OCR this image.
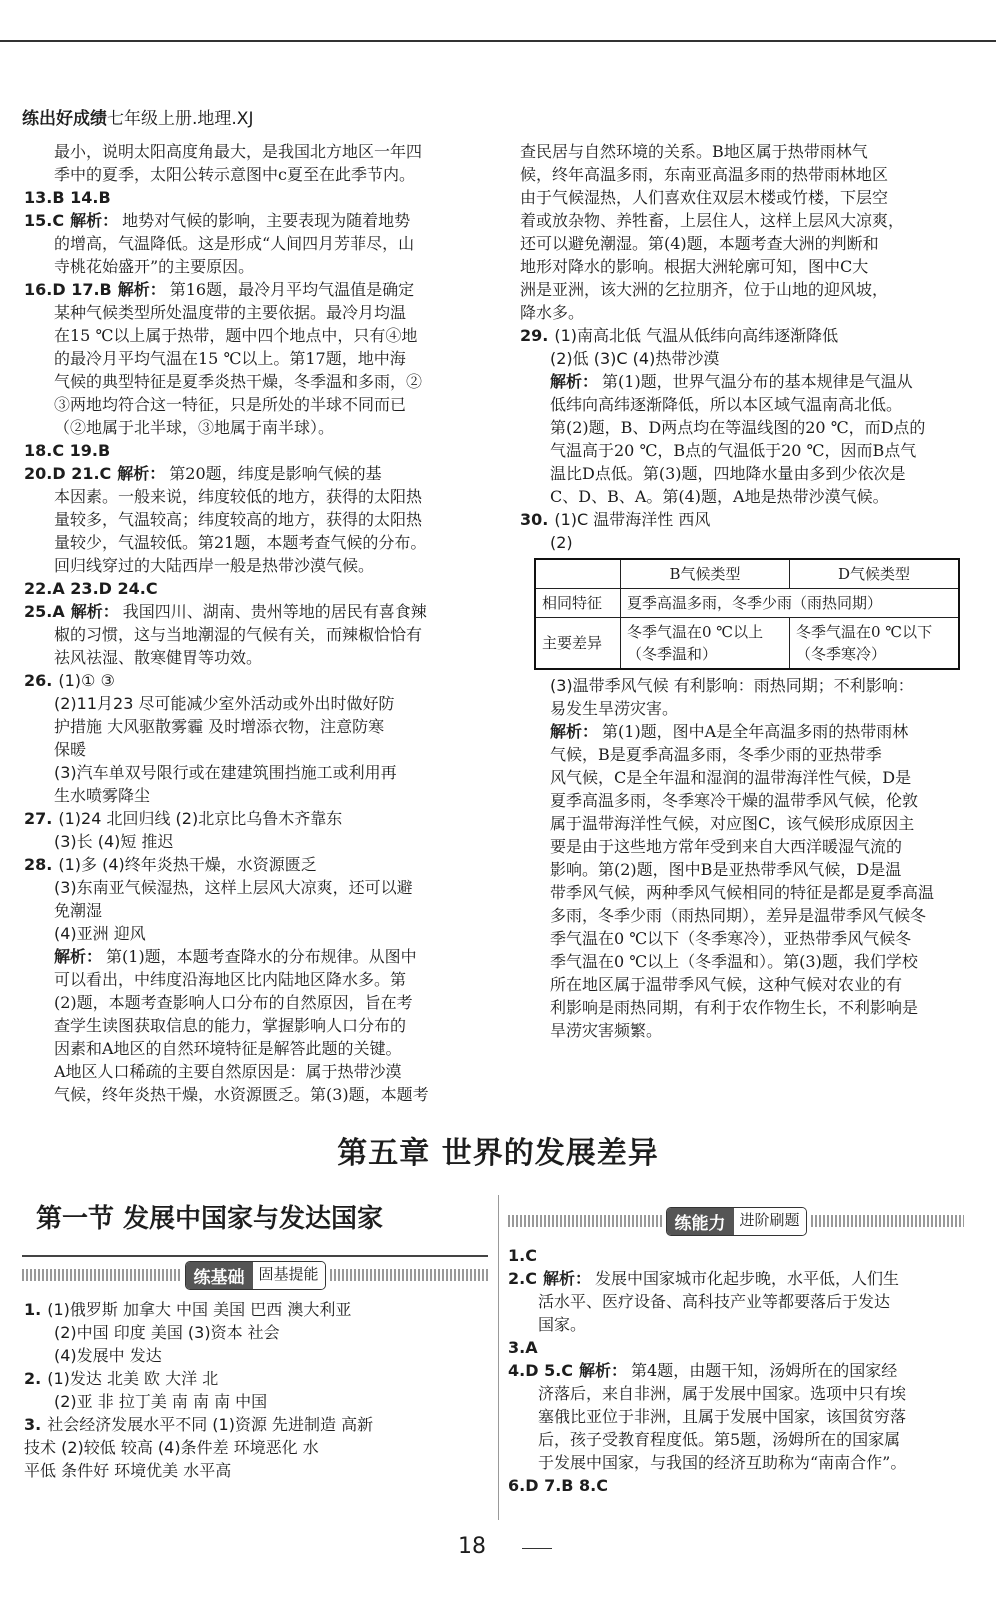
练出好成绩七年级上册.地理.XJ
最小，说明太阳高度角最大，是我国北方地区一年四
季中的夏季，太阳公转示意图中c夏至在此季节内。
13.B 14.B
15.C 解析： 地势对气候的影响，主要表现为随着地势
的增高，气温降低。这是形成“人间四月芳菲尽，山
寺桃花始盛开”的主要原因。
16.D 17.B 解析： 第16题，最冷月平均气温值是确定
某种气候类型所处温度带的主要依据。最冷月均温
在15 ℃以上属于热带，题中四个地点中，只有④地
的最冷月平均气温在15 ℃以上。第17题，地中海
气候的典型特征是夏季炎热干燥，冬季温和多雨，②
③两地均符合这一特征，只是所处的半球不同而已
（②地属于北半球，③地属于南半球）。
18.C 19.B
20.D 21.C 解析： 第20题，纬度是影响气候的基
本因素。一般来说，纬度较低的地方，获得的太阳热
量较多，气温较高；纬度较高的地方，获得的太阳热
量较少，气温较低。第21题，本题考查气候的分布。
回归线穿过的大陆西岸一般是热带沙漠气候。
22.A 23.D 24.C
25.A 解析： 我国四川、湖南、贵州等地的居民有喜食辣
椒的习惯，这与当地潮湿的气候有关，而辣椒恰恰有
祛风祛湿、散寒健胃等功效。
26. (1)① ③
(2)11月23 尽可能减少室外活动或外出时做好防
护措施 大风驱散雾霾 及时增添衣物，注意防寒
保暖
(3)汽车单双号限行或在建建筑围挡施工或利用再
生水喷雾降尘
27. (1)24 北回归线 (2)北京比乌鲁木齐靠东
(3)长 (4)短 推迟
28. (1)多 (4)终年炎热干燥，水资源匮乏
(3)东南亚气候湿热，这样上层风大凉爽，还可以避
免潮湿
(4)亚洲 迎风
解析： 第(1)题，本题考查降水的分布规律。从图中
可以看出，中纬度沿海地区比内陆地区降水多。第
(2)题，本题考查影响人口分布的自然原因，旨在考
查学生读图获取信息的能力，掌握影响人口分布的
因素和A地区的自然环境特征是解答此题的关键。
A地区人口稀疏的主要自然原因是：属于热带沙漠
气候，终年炎热干燥，水资源匮乏。第(3)题，本题考
查民居与自然环境的关系。B地区属于热带雨林气
候，终年高温多雨，东南亚高温多雨的热带雨林地区
由于气候湿热，人们喜欢住双层木楼或竹楼，下层空
着或放杂物、养牲畜，上层住人，这样上层风大凉爽，
还可以避免潮湿。第(4)题，本题考查大洲的判断和
地形对降水的影响。根据大洲轮廓可知，图中C大
洲是亚洲，该大洲的乞拉朋齐，位于山地的迎风坡，
降水多。
29. (1)南高北低 气温从低纬向高纬逐渐降低
(2)低 (3)C (4)热带沙漠
解析： 第(1)题，世界气温分布的基本规律是气温从
低纬向高纬逐渐降低，所以本区域气温南高北低。
第(2)题，B、D两点均在等温线图的20 ℃，而D点的
气温高于20 ℃，B点的气温低于20 ℃，因而B点气
温比D点低。第(3)题，四地降水量由多到少依次是
C、D、B、A。第(4)题，A地是热带沙漠气候。
30. (1)C 温带海洋性 西风
(2)
	B气候类型	D气候类型
相同特征	夏季高温多雨，冬季少雨（雨热同期）	
主要差异	冬季气温在0 ℃以上（冬季温和）	冬季气温在0 ℃以下（冬季寒冷）
(3)温带季风气候 有利影响：雨热同期；不利影响：
易发生旱涝灾害。
解析： 第(1)题，图中A是全年高温多雨的热带雨林
气候，B是夏季高温多雨，冬季少雨的亚热带季
风气候，C是全年温和湿润的温带海洋性气候，D是
夏季高温多雨，冬季寒冷干燥的温带季风气候，伦敦
属于温带海洋性气候，对应图C，该气候形成原因主
要是由于这些地方常年受到来自大西洋暖湿气流的
影响。第(2)题，图中B是亚热带季风气候，D是温
带季风气候，两种季风气候相同的特征是都是夏季高温
多雨，冬季少雨（雨热同期），差异是温带季风气候冬
季气温在0 ℃以下（冬季寒冷），亚热带季风气候冬
季气温在0 ℃以上（冬季温和）。第(3)题，我们学校
所在地区属于温带季风气候，这种气候对农业的有
利影响是雨热同期，有利于农作物生长，不利影响是
旱涝灾害频繁。
第五章 世界的发展差异
第一节 发展中国家与发达国家
练基础 固基提能
练能力 进阶刷题
1. (1)俄罗斯 加拿大 中国 美国 巴西 澳大利亚
(2)中国 印度 美国 (3)资本 社会
(4)发展中 发达
2. (1)发达 北美 欧 大洋 北
(2)亚 非 拉丁美 南 南 南 中国
3. 社会经济发展水平不同 (1)资源 先进制造 高新
技术 (2)较低 较高 (4)条件差 环境恶化 水
平低 条件好 环境优美 水平高
1.C
2.C 解析： 发展中国家城市化起步晚，水平低，人们生
活水平、医疗设备、高科技产业等都要落后于发达
国家。
3.A
4.D 5.C 解析： 第4题，由题干知，汤姆所在的国家经
济落后，来自非洲，属于发展中国家。选项中只有埃
塞俄比亚位于非洲，且属于发展中国家，该国贫穷落
后，孩子受教育程度低。第5题，汤姆所在的国家属
于发展中国家，与我国的经济互助称为“南南合作”。
6.D 7.B 8.C
18
